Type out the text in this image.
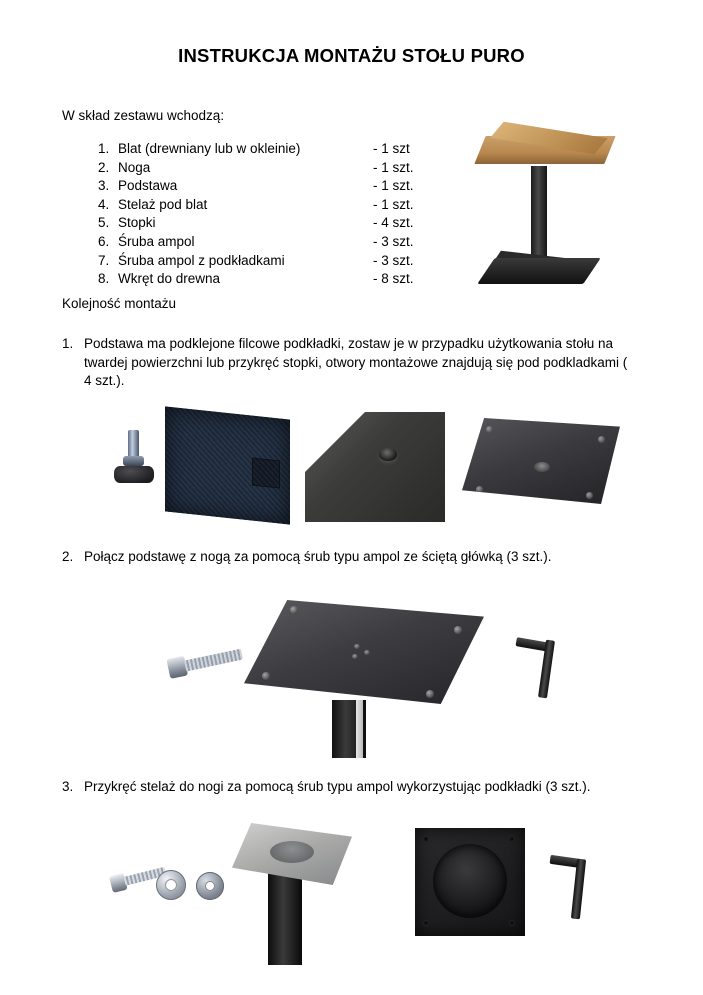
INSTRUKCJA MONTAŻU STOŁU PURO
W skład zestawu wchodzą:
1. Blat (drewniany lub w okleinie)	- 1 szt
2. Noga	- 1 szt.
3. Podstawa	- 1 szt.
4. Stelaż pod blat	- 1 szt.
5. Stopki	- 4 szt.
6. Śruba ampol	- 3 szt.
7. Śruba ampol z podkładkami	- 3 szt.
8. Wkręt do drewna	- 8 szt.
Kolejność montażu
1. Podstawa ma podklejone filcowe podkładki, zostaw je w przypadku użytkowania stołu na twardej powierzchni lub przykręć stopki, otwory montażowe znajdują się pod podkladkami ( 4 szt.).
2. Połącz podstawę z nogą za pomocą śrub typu ampol ze ściętą główką (3 szt.).
3. Przykręć stelaż do nogi za pomocą śrub typu ampol wykorzystując podkładki (3 szt.).
